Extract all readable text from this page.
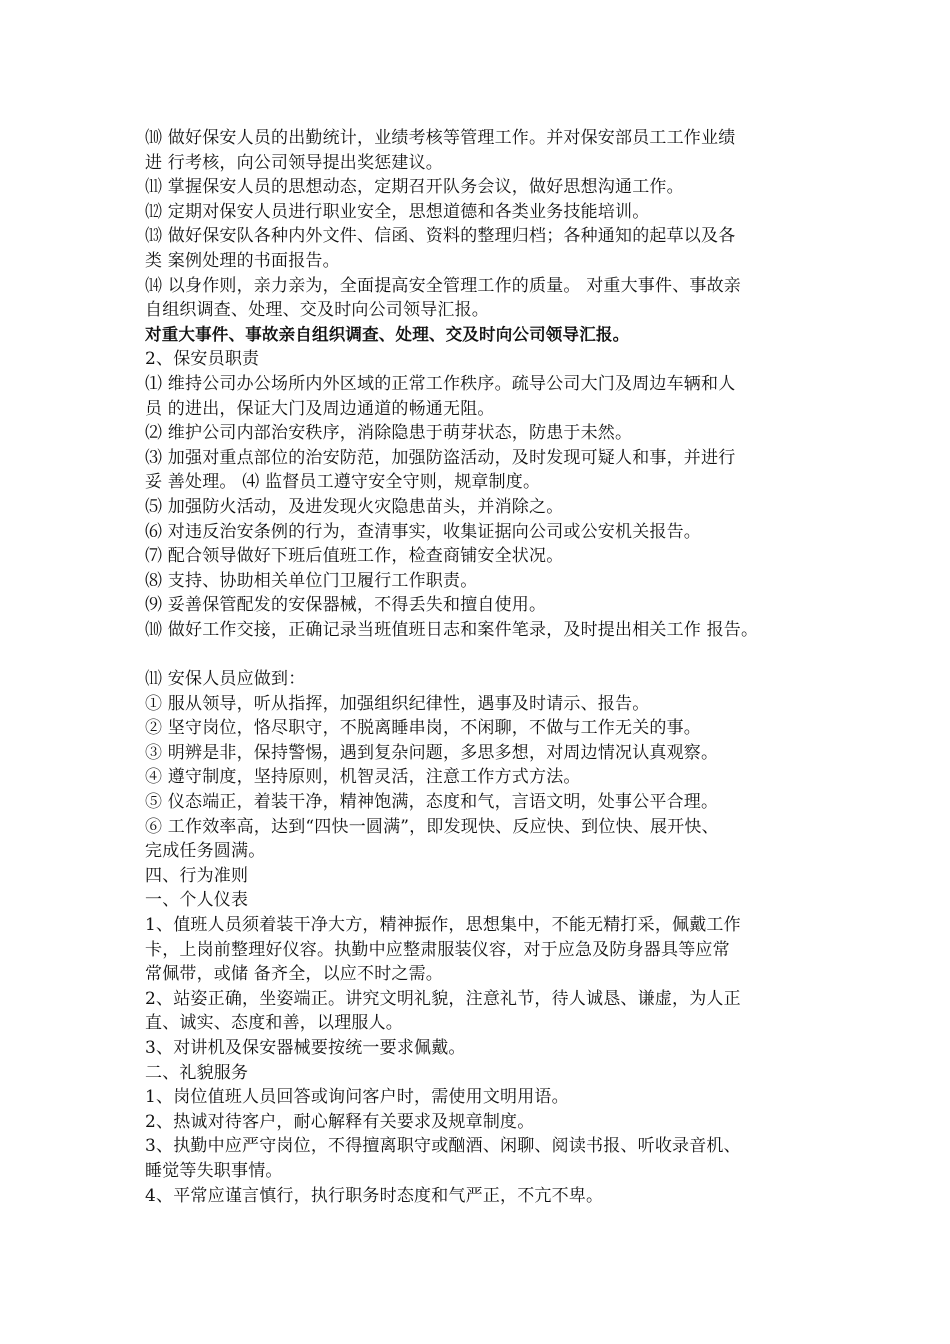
⑽ 做好保安人员的出勤统计，业绩考核等管理工作。并对保安部员工工作业绩
进 行考核，向公司领导提出奖惩建议。
⑾ 掌握保安人员的思想动态，定期召开队务会议，做好思想沟通工作。
⑿ 定期对保安人员进行职业安全，思想道德和各类业务技能培训。
⒀ 做好保安队各种内外文件、信函、资料的整理归档；各种通知的起草以及各
类 案例处理的书面报告。
⒁ 以身作则，亲力亲为，全面提高安全管理工作的质量。 对重大事件、事故亲
自组织调查、处理、交及时向公司领导汇报。
对重大事件、事故亲自组织调查、处理、交及时向公司领导汇报。
2、保安员职责
⑴ 维持公司办公场所内外区域的正常工作秩序。疏导公司大门及周边车辆和人
员 的进出，保证大门及周边通道的畅通无阻。
⑵ 维护公司内部治安秩序，消除隐患于萌芽状态，防患于未然。
⑶ 加强对重点部位的治安防范，加强防盗活动，及时发现可疑人和事，并进行
妥 善处理。 ⑷ 监督员工遵守安全守则，规章制度。
⑸ 加强防火活动，及进发现火灾隐患苗头，并消除之。
⑹ 对违反治安条例的行为，查清事实，收集证据向公司或公安机关报告。
⑺ 配合领导做好下班后值班工作，检查商铺安全状况。
⑻ 支持、协助相关单位门卫履行工作职责。
⑼ 妥善保管配发的安保器械，不得丢失和擅自使用。
⑽ 做好工作交接，正确记录当班值班日志和案件笔录，及时提出相关工作 报告。
⑾ 安保人员应做到：
① 服从领导，听从指挥，加强组织纪律性，遇事及时请示、报告。
② 坚守岗位，恪尽职守，不脱离睡串岗，不闲聊，不做与工作无关的事。
③ 明辨是非，保持警惕，遇到复杂问题，多思多想，对周边情况认真观察。
④ 遵守制度，坚持原则，机智灵活，注意工作方式方法。
⑤ 仪态端正，着装干净，精神饱满，态度和气，言语文明，处事公平合理。
⑥ 工作效率高，达到“四快一圆满”，即发现快、反应快、到位快、展开快、
完成任务圆满。
四、行为准则
一、个人仪表
1、值班人员须着装干净大方，精神振作，思想集中，不能无精打采，佩戴工作
卡，上岗前整理好仪容。执勤中应整肃服装仪容，对于应急及防身器具等应常
常佩带，或储 备齐全，以应不时之需。
2、站姿正确，坐姿端正。讲究文明礼貌，注意礼节，待人诚恳、谦虚，为人正
直、诚实、态度和善，以理服人。
3、对讲机及保安器械要按统一要求佩戴。
二、礼貌服务
1、岗位值班人员回答或询问客户时，需使用文明用语。
2、热诚对待客户，耐心解释有关要求及规章制度。
3、执勤中应严守岗位，不得擅离职守或酗酒、闲聊、阅读书报、听收录音机、
睡觉等失职事情。
4、平常应谨言慎行，执行职务时态度和气严正，不亢不卑。
